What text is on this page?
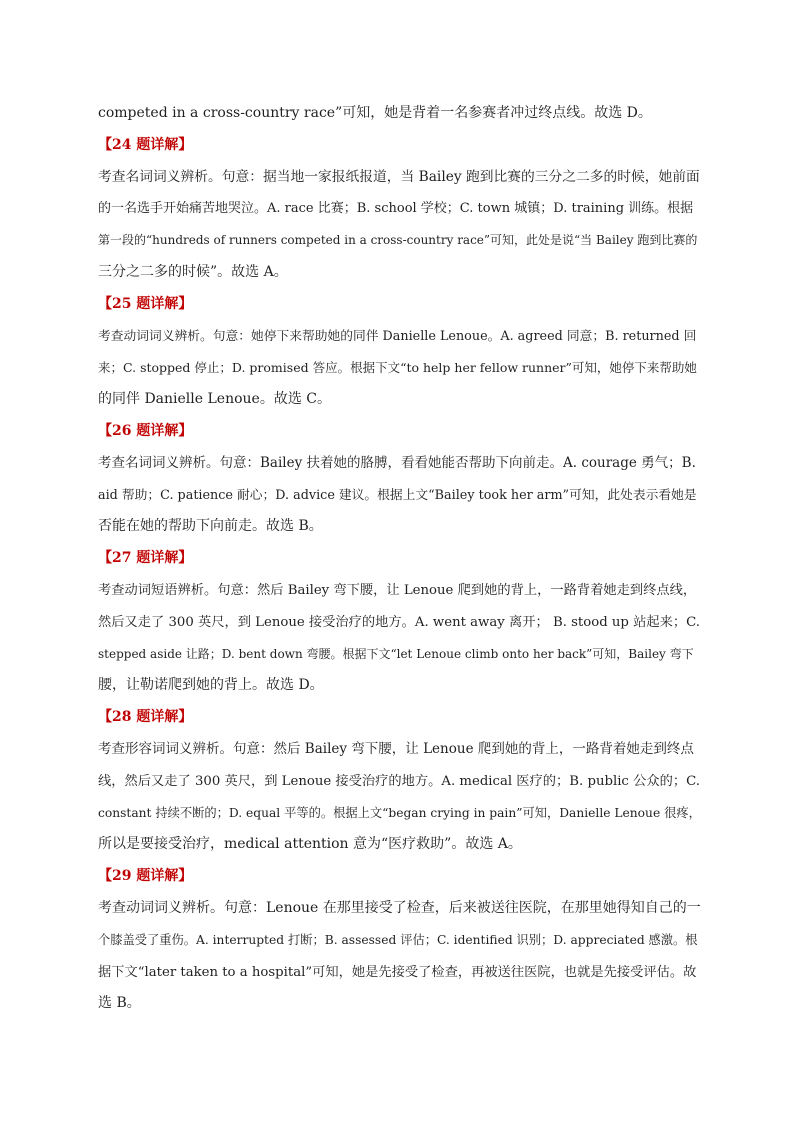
competed in a cross-country race”可知，她是背着一名参赛者冲过终点线。故选 D。
【24 题详解】
考查名词词义辨析。句意：据当地一家报纸报道，当 Bailey 跑到比赛的三分之二多的时候，她前面
的一名选手开始痛苦地哭泣。A. race 比赛；B. school 学校；C. town 城镇；D. training 训练。根据
第一段的“hundreds of runners competed in a cross-country race”可知，此处是说“当 Bailey 跑到比赛的
三分之二多的时候”。故选 A。
【25 题详解】
考查动词词义辨析。句意：她停下来帮助她的同伴 Danielle Lenoue。A. agreed 同意；B. returned 回
来；C. stopped 停止；D. promised 答应。根据下文“to help her fellow runner”可知，她停下来帮助她
的同伴 Danielle Lenoue。故选 C。
【26 题详解】
考查名词词义辨析。句意：Bailey 扶着她的胳膊，看看她能否帮助下向前走。A. courage 勇气；B.
aid 帮助；C. patience 耐心；D. advice 建议。根据上文“Bailey took her arm”可知，此处表示看她是
否能在她的帮助下向前走。故选 B。
【27 题详解】
考查动词短语辨析。句意：然后 Bailey 弯下腰，让 Lenoue 爬到她的背上，一路背着她走到终点线，
然后又走了 300 英尺，到 Lenoue 接受治疗的地方。A. went away 离开； B. stood up 站起来；C.
stepped aside 让路；D. bent down 弯腰。根据下文“let Lenoue climb onto her back”可知，Bailey 弯下
腰，让勒诺爬到她的背上。故选 D。
【28 题详解】
考查形容词词义辨析。句意：然后 Bailey 弯下腰，让 Lenoue 爬到她的背上，一路背着她走到终点
线，然后又走了 300 英尺，到 Lenoue 接受治疗的地方。A. medical 医疗的；B. public 公众的；C.
constant 持续不断的；D. equal 平等的。根据上文“began crying in pain”可知，Danielle Lenoue 很疼，
所以是要接受治疗，medical attention 意为“医疗救助”。故选 A。
【29 题详解】
考查动词词义辨析。句意：Lenoue 在那里接受了检查，后来被送往医院，在那里她得知自己的一
个膝盖受了重伤。A. interrupted 打断；B. assessed 评估；C. identified 识别；D. appreciated 感激。根
据下文“later taken to a hospital”可知，她是先接受了检查，再被送往医院，也就是先接受评估。故
选 B。
